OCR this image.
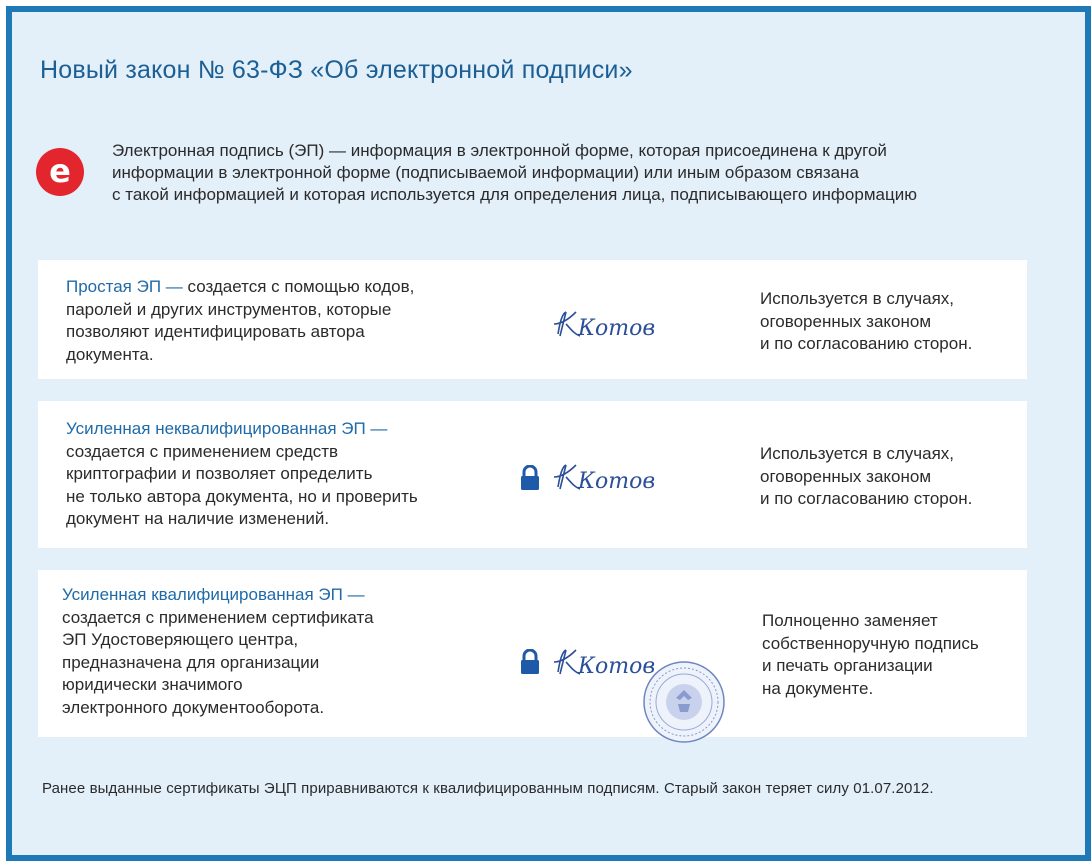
Новый закон № 63-ФЗ «Об электронной подписи»
е
Электронная подпись (ЭП) — информация в электронной форме, которая присоединена к другой
информации в электронной форме (подписываемой информации) или иным образом связана
с такой информацией и которая используется для определения лица, подписывающего информацию
Простая ЭП — создается с помощью кодов,
паролей и других инструментов, которые
позволяют идентифицировать автора
документа.
Котов
Используется в случаях,
оговоренных законом
и по согласованию сторон.
Усиленная неквалифицированная ЭП —
создается с применением средств
криптографии и позволяет определить
не только автора документа, но и проверить
документ на наличие изменений.
Котов
Используется в случаях,
оговоренных законом
и по согласованию сторон.
Усиленная квалифицированная ЭП —
создается с применением сертификата
ЭП Удостоверяющего центра,
предназначена для организации
юридически значимого
электронного документооборота.
Котов
Полноценно заменяет
собственноручную подпись
и печать организации
на документе.
Ранее выданные сертификаты ЭЦП приравниваются к квалифицированным подписям. Старый закон теряет силу 01.07.2012.
